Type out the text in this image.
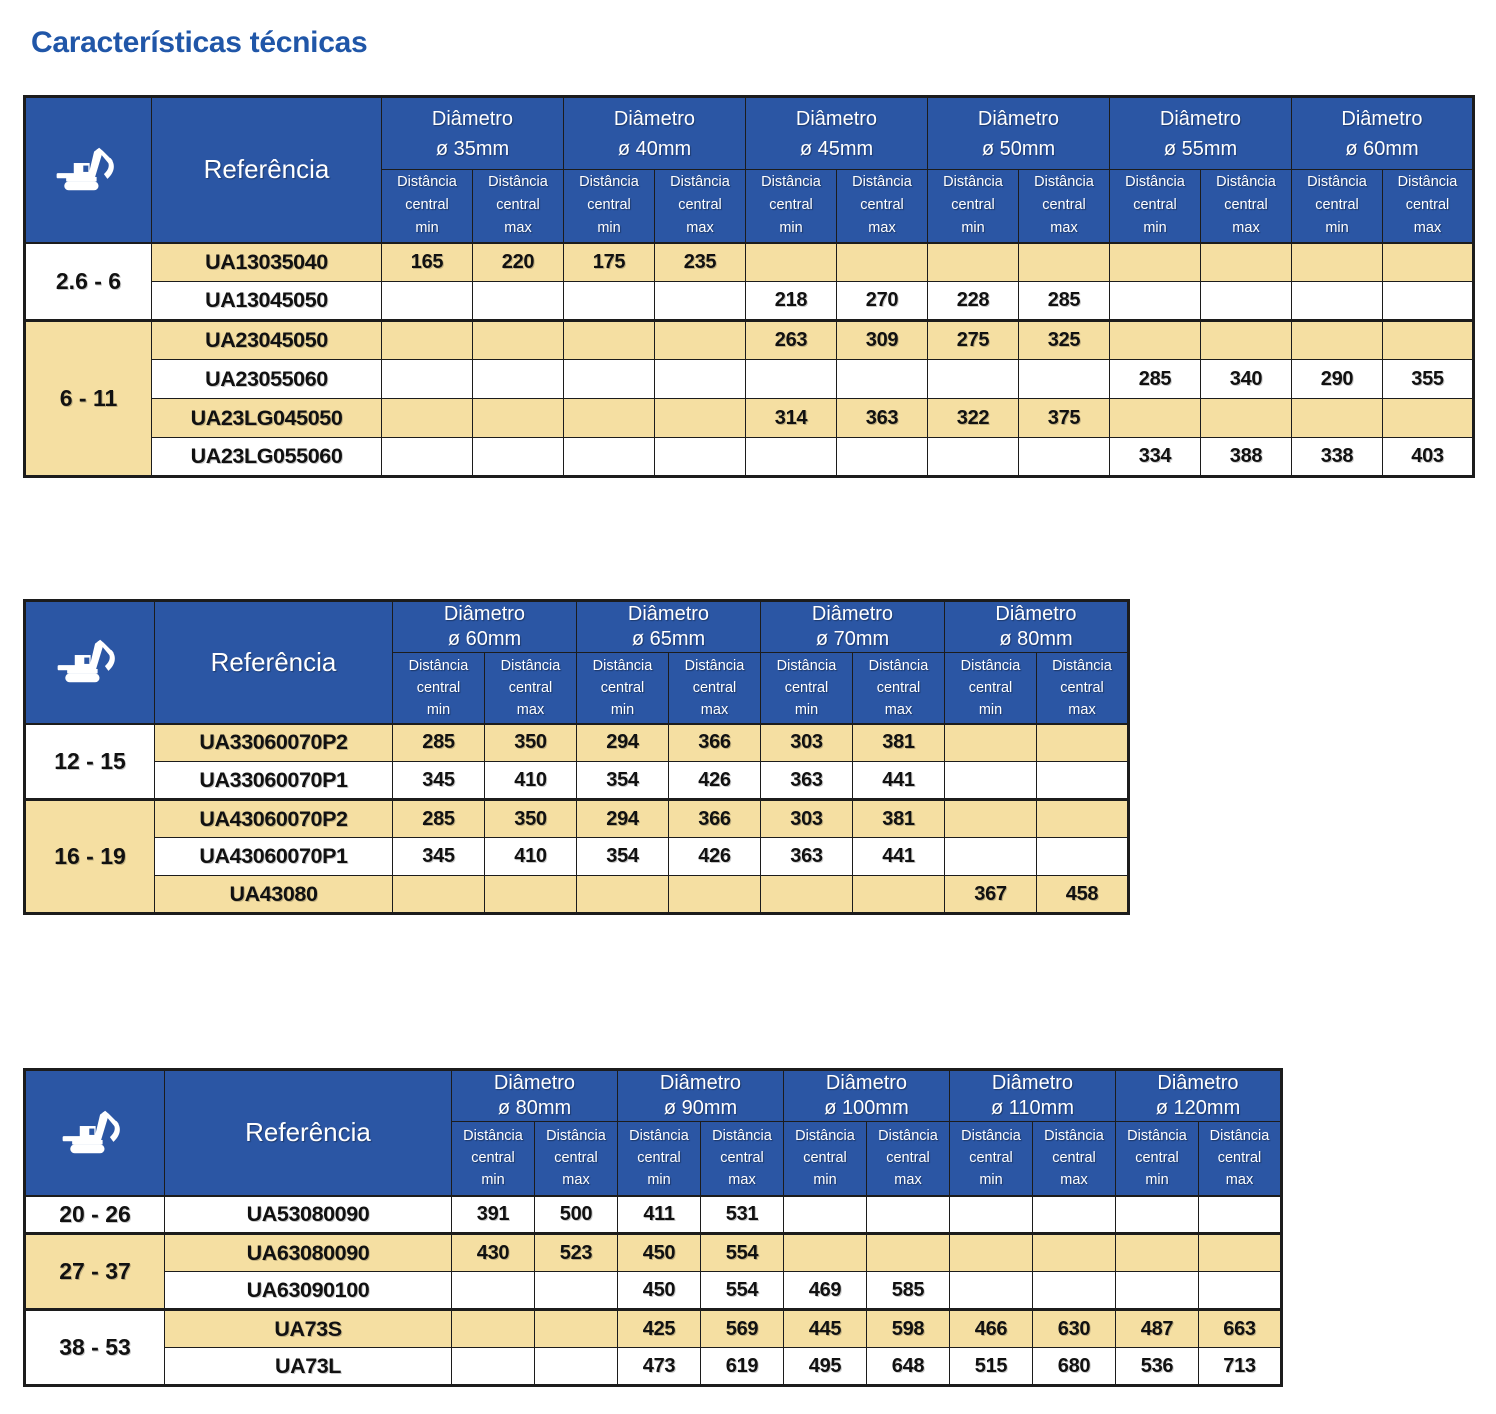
Características técnicas
	Referência	
Diâmetro
ø 35mm

Diâmetro
ø 40mm

Diâmetro
ø 45mm

Diâmetro
ø 50mm

Diâmetro
ø 55mm

Diâmetro
ø 60mm

		Distância
central
min	Distância
central
max	Distância
central
min	Distância
central
max	Distância
central
min	Distância
central
max	Distância
central
min	Distância
central
max	Distância
central
min	Distância
central
max	Distância
central
min	Distância
central
max

2.6 - 6	UA13035040	165	220	175	235								
	UA13045050					218	270	228	285				
6 - 11	UA23045050					263	309	275	325				
	UA23055060									285	340	290	355
	UA23LG045050					314	363	322	375				
	UA23LG055060									334	388	338	403
	Referência	
Diâmetro
ø 60mm

Diâmetro
ø 65mm

Diâmetro
ø 70mm

Diâmetro
ø 80mm

		Distância
central
min	Distância
central
max	Distância
central
min	Distância
central
max	Distância
central
min	Distância
central
max	Distância
central
min	Distância
central
max

12 - 15	UA33060070P2	285	350	294	366	303	381		
	UA33060070P1	345	410	354	426	363	441		
16 - 19	UA43060070P2	285	350	294	366	303	381		
	UA43060070P1	345	410	354	426	363	441		
	UA43080							367	458
	Referência	
Diâmetro
ø 80mm

Diâmetro
ø 90mm

Diâmetro
ø 100mm

Diâmetro
ø 110mm

Diâmetro
ø 120mm

		Distância
central
min	Distância
central
max	Distância
central
min	Distância
central
max	Distância
central
min	Distância
central
max	Distância
central
min	Distância
central
max	Distância
central
min	Distância
central
max

20 - 26	UA53080090	391	500	411	531						
27 - 37	UA63080090	430	523	450	554						
	UA63090100			450	554	469	585				
38 - 53	UA73S			425	569	445	598	466	630	487	663
	UA73L			473	619	495	648	515	680	536	713
